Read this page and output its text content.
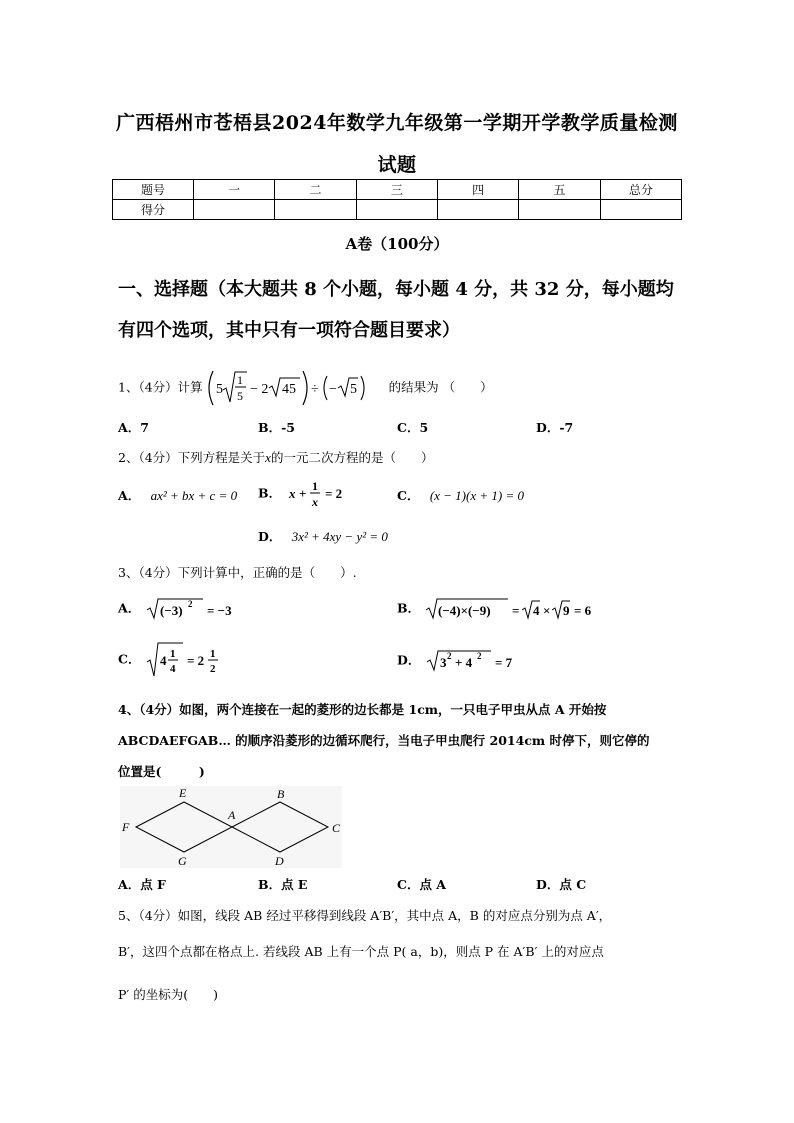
广西梧州市苍梧县2024年数学九年级第一学期开学教学质量检测
试题
题号	一	二	三	四	五	总分
得分						
A卷（100分）
一、选择题（本大题共 8 个小题，每小题 4 分，共 32 分，每小题均
有四个选项，其中只有一项符合题目要求）
1、（4分）计算 5
1
5 − 2 45 ÷ − 5	的结果为 （　　）
A．7	B．-5	C．5	D．-7
2、（4分）下列方程是关于x的一元二次方程的是（　　）
A． ax² + bx + c = 0 B． x + 1
x
= 2	C． (x − 1)(x + 1) = 0
D． 3x² + 4xy − y² = 0
3、（4分）下列计算中，正确的是（　　）.
A． (−3) 2 = −3	B． (−4)×(−9) = 4 × 9 = 6
C． 4 1
4
= 2 1
2
D． 3 2 + 4 2 = 7
4、（4分）如图，两个连接在一起的菱形的边长都是 1cm，一只电子甲虫从点 A 开始按
ABCDAEFGAB… 的顺序沿菱形的边循环爬行，当电子甲虫爬行 2014cm 时停下，则它停的
位置是(　　　)
E	B
F
A
C
G	D
A．点 F	B．点 E	C．点 A	D．点 C
5、（4分）如图，线段 AB 经过平移得到线段 A′B′，其中点 A，B 的对应点分别为点 A′，
B′，这四个点都在格点上. 若线段 AB 上有一个点 P( a，b)，则点 P 在 A′B′ 上的对应点
P′ 的坐标为(　　)
